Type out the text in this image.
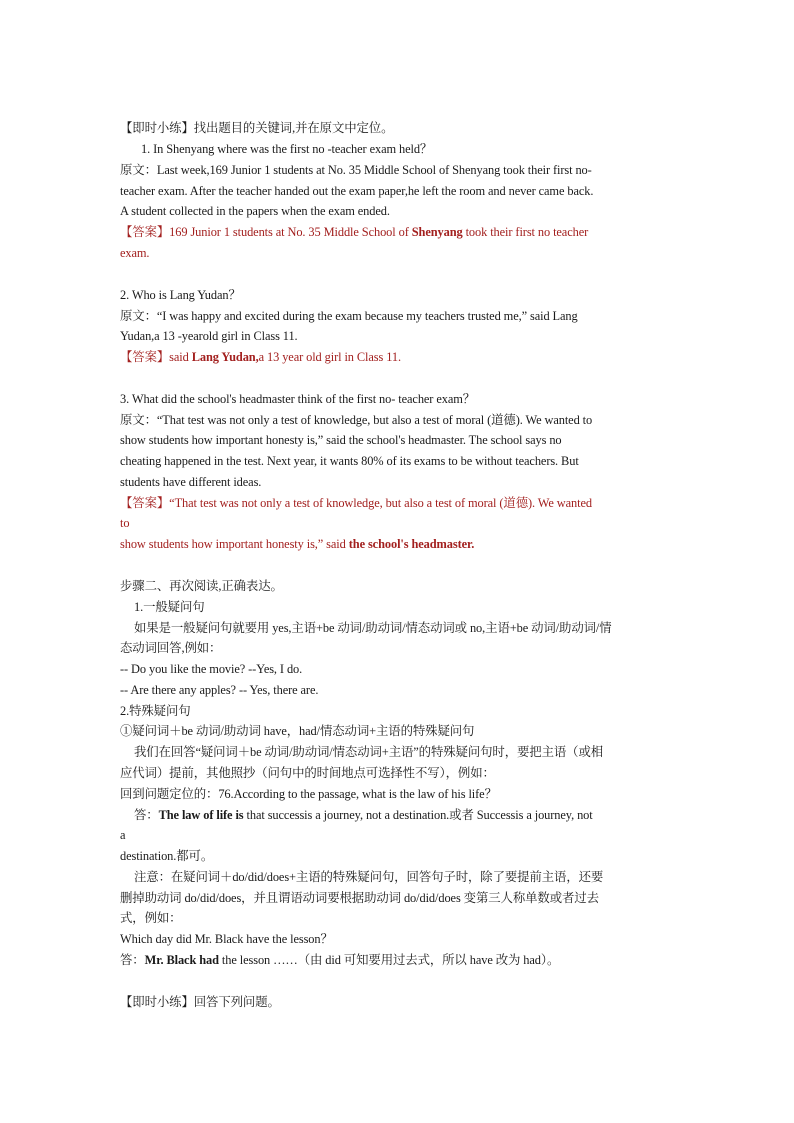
【即时小练】找出题目的关键词,并在原文中定位。
1. In Shenyang where was the first no -teacher exam held？
原文：Last week,169 Junior 1 students at No. 35 Middle School of Shenyang took their first no-
teacher exam. After the teacher handed out the exam paper,he left the room and never came back.
A student collected in the papers when the exam ended.
【答案】169 Junior 1 students at No. 35 Middle School of Shenyang took their first no teacher
exam.
2. Who is Lang Yudan？
原文：“I was happy and excited during the exam because my teachers trusted me,” said Lang
Yudan,a 13 -yearold girl in Class 11.
【答案】said Lang Yudan,a 13 year old girl in Class 11.
3. What did the school's headmaster think of the first no- teacher exam？
原文：“That test was not only a test of knowledge, but also a test of moral (道德). We wanted to
show students how important honesty is,” said the school's headmaster. The school says no
cheating happened in the test. Next year, it wants 80% of its exams to be without teachers. But
students have different ideas.
【答案】“That test was not only a test of knowledge, but also a test of moral (道德). We wanted
to
show students how important honesty is,” said the school's headmaster.
步骤二、再次阅读,正确表达。
1.一般疑问句
如果是一般疑问句就要用 yes,主语+be 动词/助动词/情态动词或 no,主语+be 动词/助动词/情
态动词回答,例如：
-- Do you like the movie? --Yes, I do.
-- Are there any apples? -- Yes, there are.
2.特殊疑问句
①疑问词＋be 动词/助动词 have，had/情态动词+主语的特殊疑问句
我们在回答“疑问词＋be 动词/助动词/情态动词+主语”的特殊疑问句时，要把主语（或相
应代词）提前，其他照抄（问句中的时间地点可选择性不写），例如：
回到问题定位的：76.According to the passage, what is the law of his life？
答：The law of life is that successis a journey, not a destination.或者 Successis a journey, not
a
destination.都可。
注意：在疑问词＋do/did/does+主语的特殊疑问句，回答句子时，除了要提前主语，还要
删掉助动词 do/did/does，并且谓语动词要根据助动词 do/did/does 变第三人称单数或者过去
式，例如：
Which day did Mr. Black have the lesson？
答：Mr. Black had the lesson ……（由 did 可知要用过去式，所以 have 改为 had）。
【即时小练】回答下列问题。
